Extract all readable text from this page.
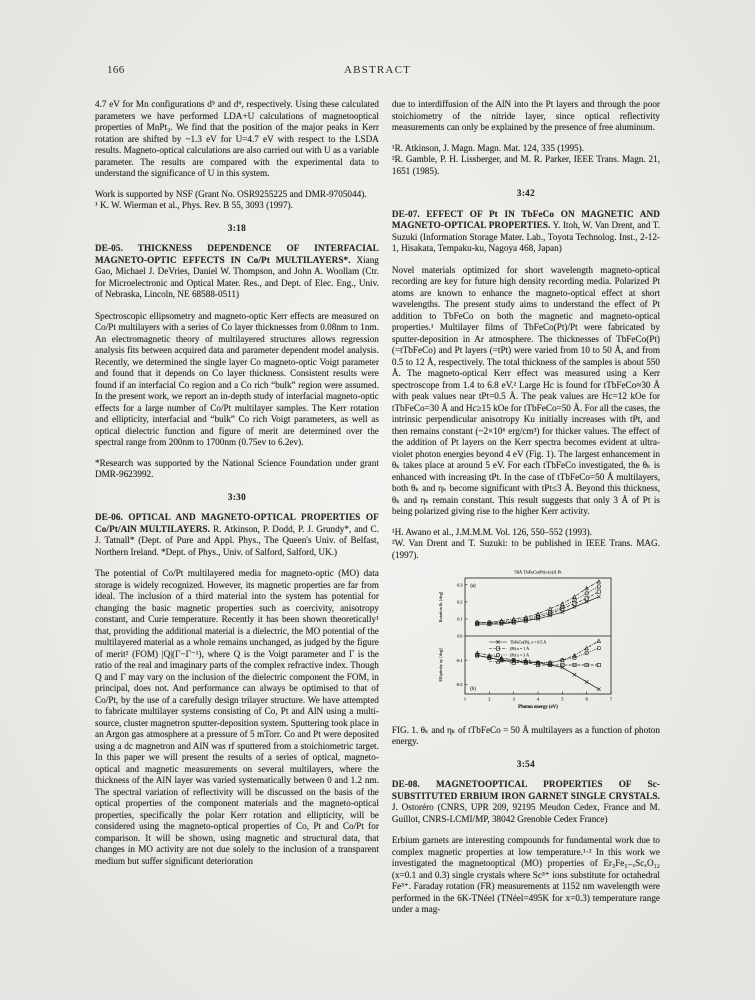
166	ABSTRACT

4.7 eV for Mn configurations d⁵ and d⁶, respectively. Using these calculated parameters we have performed LDA+U calculations of magnetooptical properties of MnPt₃. We find that the position of the major peaks in Kerr rotation are shifted by ~1.3 eV for U=4.7 eV with respect to the LSDA results. Magneto-optical calculations are also carried out with U as a variable parameter. The results are compared with the experimental data to understand the significance of U in this system.

Work is supported by NSF (Grant No. OSR9255225 and DMR-9705044).

¹ K. W. Wierman et al., Phys. Rev. B 55, 3093 (1997).

3:18

DE-05. THICKNESS DEPENDENCE OF INTERFACIAL MAGNETO-OPTIC EFFECTS IN Co/Pt MULTILAYERS*. Xiang Gao, Michael J. DeVries, Daniel W. Thompson, and John A. Woollam (Ctr. for Microelectronic and Optical Mater. Res., and Dept. of Elec. Eng., Univ. of Nebraska, Lincoln, NE 68588-0511)

Spectroscopic ellipsometry and magneto-optic Kerr effects are measured on Co/Pt multilayers with a series of Co layer thicknesses from 0.08nm to 1nm. An electromagnetic theory of multilayered structures allows regression analysis fits between acquired data and parameter dependent model analysis. Recently, we determined the single layer Co magneto-optic Voigt parameter and found that it depends on Co layer thickness. Consistent results were found if an interfacial Co region and a Co rich “bulk” region were assumed. In the present work, we report an in-depth study of interfacial magneto-optic effects for a large number of Co/Pt multilayer samples. The Kerr rotation and ellipticity, interfacial and “bulk” Co rich Voigt parameters, as well as optical dielectric function and figure of merit are determined over the spectral range from 200nm to 1700nm (0.75ev to 6.2ev).

*Research was supported by the National Science Foundation under grant DMR-9623992.

3:30

DE-06. OPTICAL AND MAGNETO-OPTICAL PROPERTIES OF Co/Pt/AlN MULTILAYERS. R. Atkinson, P. Dodd, P. J. Grundy*, and C. J. Tatnall* (Dept. of Pure and Appl. Phys., The Queen's Univ. of Belfast, Northern Ireland. *Dept. of Phys., Univ. of Salford, Salford, UK.)

The potential of Co/Pt multilayered media for magneto-optic (MO) data storage is widely recognized. However, its magnetic properties are far from ideal. The inclusion of a third material into the system has potential for changing the basic magnetic properties such as coercivity, anisotropy constant, and Curie temperature. Recently it has been shown theoretically¹ that, providing the additional material is a dielectric, the MO potential of the multilayered material as a whole remains unchanged, as judged by the figure of merit² (FOM) |Q|(Γ−Γ⁻¹), where Q is the Voigt parameter and Γ is the ratio of the real and imaginary parts of the complex refractive index. Though Q and Γ may vary on the inclusion of the dielectric component the FOM, in principal, does not. And performance can always be optimised to that of Co/Pt, by the use of a carefully design trilayer structure. We have attempted to fabricate multilayer systems consisting of Co, Pt and AlN using a multi-source, cluster magnetron sputter-deposition system. Sputtering took place in an Argon gas atmosphere at a pressure of 5 mTorr. Co and Pt were deposited using a dc magnetron and AlN was rf sputtered from a stoichiometric target. In this paper we will present the results of a series of optical, magneto-optical and magnetic measurements on several multilayers, where the thickness of the AlN layer was varied systematically between 0 and 1.2 nm. The spectral variation of reflectivity will be discussed on the basis of the optical properties of the component materials and the magneto-optical properties, specifically the polar Kerr rotation and ellipticity, will be considered using the magneto-optical properties of Co, Pt and Co/Pt for comparison. It will be shown, using magnetic and structural data, that changes in MO activity are not due solely to the inclusion of a transparent medium but suffer significant deterioration

due to interdiffusion of the AlN into the Pt layers and through the poor stoichiometry of the nitride layer, since optical reflectivity measurements can only be explained by the presence of free aluminum.

¹R. Atkinson, J. Magn. Magn. Mat. 124, 335 (1995).

²R. Gamble, P. H. Lissberger, and M. R. Parker, IEEE Trans. Magn. 21, 1651 (1985).

3:42

DE-07. EFFECT OF Pt IN TbFeCo ON MAGNETIC AND MAGNETO-OPTICAL PROPERTIES. Y. Itoh, W. Van Drent, and T. Suzuki (Information Storage Mater. Lab., Toyota Technolog. Inst., 2-12-1, Hisakata, Tempaku-ku, Nagoya 468, Japan)

Novel materials optimized for short wavelength magneto-optical recording are key for future high density recording media. Polarized Pt atoms are known to enhance the magneto-optical effect at short wavelengths. The present study aims to understand the effect of Pt addition to TbFeCo on both the magnetic and magneto-optical properties.¹ Multilayer films of TbFeCo(Pt)/Pt were fabricated by sputter-deposition in Ar atmosphere. The thicknesses of TbFeCo(Pt) (=tTbFeCo) and Pt layers (=tPt) were varied from 10 to 50 Å, and from 0.5 to 12 Å, respectively. The total thickness of the samples is about 550 Å. The magneto-optical Kerr effect was measured using a Kerr spectroscope from 1.4 to 6.8 eV.² Large Hc is found for tTbFeCo≈30 Å with peak values near tPt=0.5 Å. The peak values are Hc=12 kOe for tTbFeCo=30 Å and Hc≥15 kOe for tTbFeCo=50 Å. For all the cases, the intrinsic perpendicular anisotropy Ku initially increases with tPt, and then remains constant (~2×10⁶ erg/cm³) for thicker values. The effect of the addition of Pt layers on the Kerr spectra becomes evident at ultra-violet photon energies beyond 4 eV (Fig. 1). The largest enhancement in θₖ takes place at around 5 eV. For each tTbFeCo investigated, the θₖ is enhanced with increasing tPt. In the case of tTbFeCo=50 Å multilayers, both θₖ and ηₖ become significant with tPt≤3 Å. Beyond this thickness, θₖ and ηₖ remain constant. This result suggests that only 3 Å of Pt is being polarized giving rise to the higher Kerr activity.

¹H. Awano et al., J.M.M.M. Vol. 126, 550–552 (1993).

²W. Van Drent and T. Suzuki: to be published in IEEE Trans. MAG. (1997).

50Å TbFeCo(Pt)+(x)Å Pt
1	2	3	4	5	6	7
Photon energy (eV)
0.0
0.1
0.2
0.3
Rotation θₖ [deg]
(a)
-0.1
-0.2
Ellipticity ηₖ [deg]
(b)
TbFeCo(Pt), x = 0.5 Å
(Pt) x = 1 Å
(Pt) x = 3 Å
(Pt) x = 10 Å

FIG. 1. θₖ and ηₖ of tTbFeCo = 50 Å multilayers as a function of photon energy.

3:54

DE-08. MAGNETOOPTICAL PROPERTIES OF Sc-SUBSTITUTED ERBIUM IRON GARNET SINGLE CRYSTALS. J. Ostoréro (CNRS, UPR 209, 92195 Meudon Cedex, France and M. Guillot, CNRS-LCMI/MP, 38042 Grenoble Cedex France)

Erbium garnets are interesting compounds for fundamental work due to complex magnetic properties at low temperature.¹·² In this work we investigated the magnetooptical (MO) properties of Er₃Fe₅₋ₓScₓO₁₂ (x=0.1 and 0.3) single crystals where Sc³⁺ ions substitute for octahedral Fe³⁺. Faraday rotation (FR) measurements at 1152 nm wavelength were performed in the 6K-TNéel (TNéel=495K for x=0.3) temperature range under a mag-
